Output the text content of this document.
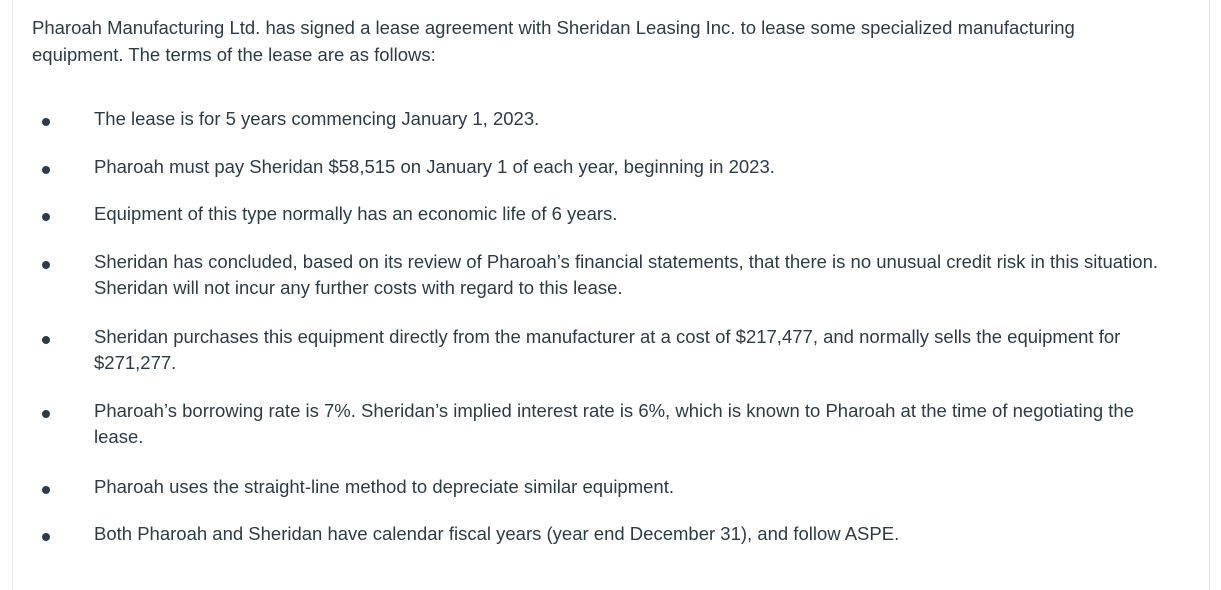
Pharoah Manufacturing Ltd. has signed a lease agreement with Sheridan Leasing Inc. to lease some specialized manufacturing equipment. The terms of the lease are as follows:

The lease is for 5 years commencing January 1, 2023.

Pharoah must pay Sheridan $58,515 on January 1 of each year, beginning in 2023.

Equipment of this type normally has an economic life of 6 years.

Sheridan has concluded, based on its review of Pharoah’s financial statements, that there is no unusual credit risk in this situation. Sheridan will not incur any further costs with regard to this lease.

Sheridan purchases this equipment directly from the manufacturer at a cost of $217,477, and normally sells the equipment for $271,277.

Pharoah’s borrowing rate is 7%. Sheridan’s implied interest rate is 6%, which is known to Pharoah at the time of negotiating the lease.

Pharoah uses the straight-line method to depreciate similar equipment.

Both Pharoah and Sheridan have calendar fiscal years (year end December 31), and follow ASPE.
